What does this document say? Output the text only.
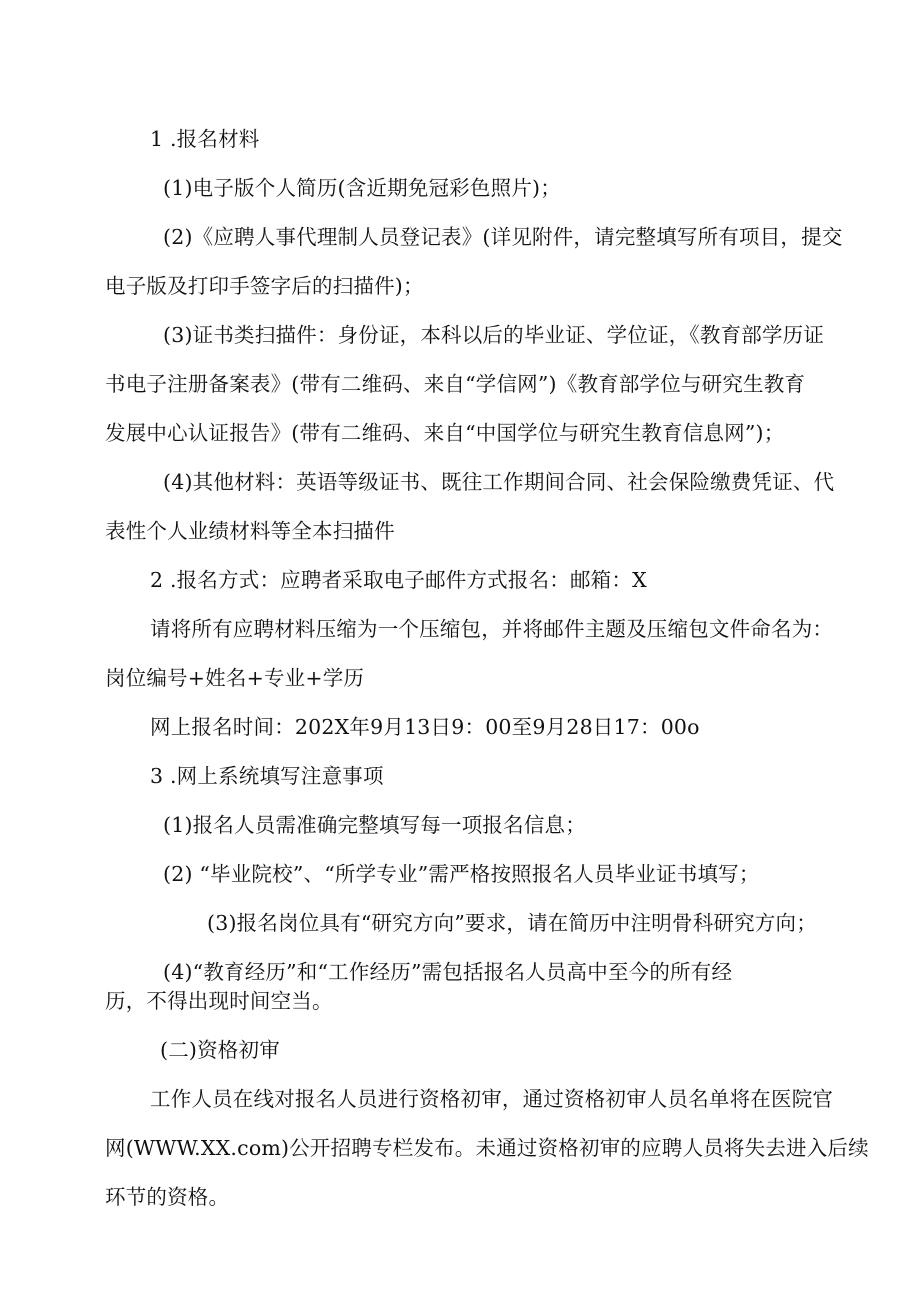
1 .报名材料
(1)电子版个人简历(含近期免冠彩色照片)；
(2)《应聘人事代理制人员登记表》(详见附件，请完整填写所有项目，提交
电子版及打印手签字后的扫描件)；
(3)证书类扫描件：身份证，本科以后的毕业证、学位证，《教育部学历证
书电子注册备案表》(带有二维码、来自“学信网”)《教育部学位与研究生教育
发展中心认证报告》(带有二维码、来自“中国学位与研究生教育信息网”)；
(4)其他材料：英语等级证书、既往工作期间合同、社会保险缴费凭证、代
表性个人业绩材料等全本扫描件
2 .报名方式：应聘者采取电子邮件方式报名：邮箱：X
请将所有应聘材料压缩为一个压缩包，并将邮件主题及压缩包文件命名为：
岗位编号+姓名+专业+学历
网上报名时间：202X年9月13日9：00至9月28日17：00o
3 .网上系统填写注意事项
(1)报名人员需准确完整填写每一项报名信息；
(2) “毕业院校”、“所学专业”需严格按照报名人员毕业证书填写；
(3)报名岗位具有“研究方向”要求，请在简历中注明骨科研究方向；
(4)“教育经历”和“工作经历”需包括报名人员高中至今的所有经
历，不得出现时间空当。
(二)资格初审
工作人员在线对报名人员进行资格初审，通过资格初审人员名单将在医院官
网(WWW.XX.com)公开招聘专栏发布。未通过资格初审的应聘人员将失去进入后续
环节的资格。
